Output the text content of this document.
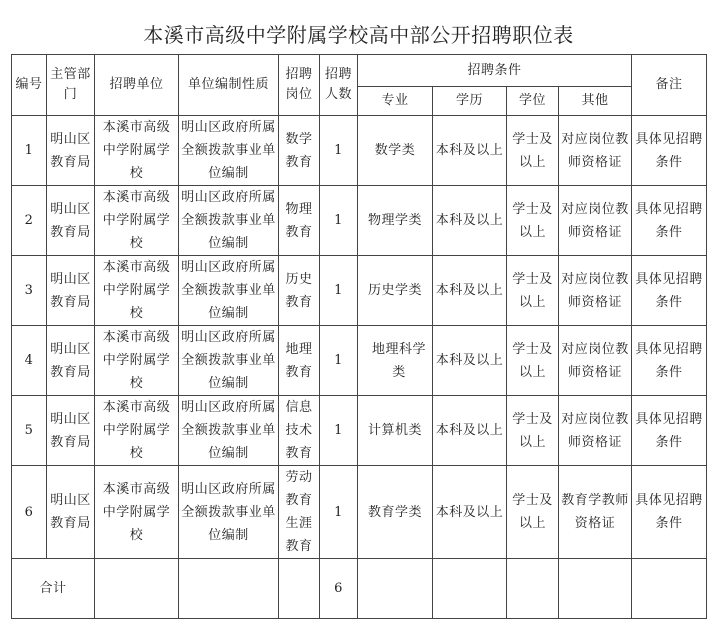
本溪市高级中学附属学校高中部公开招聘职位表
编号	主管部门	招聘单位	单位编制性质	招聘岗位	招聘人数	招聘条件				备注
						专业	学历	学位	其他	
1	明山区教育局	本溪市高级中学附属学校	明山区政府所属全额拨款事业单位编制	数学教育	1	数学类	本科及以上	学士及以上	对应岗位教师资格证	具体见招聘条件
2	明山区教育局	本溪市高级中学附属学校	明山区政府所属全额拨款事业单位编制	物理教育	1	物理学类	本科及以上	学士及以上	对应岗位教师资格证	具体见招聘条件
3	明山区教育局	本溪市高级中学附属学校	明山区政府所属全额拨款事业单位编制	历史教育	1	历史学类	本科及以上	学士及以上	对应岗位教师资格证	具体见招聘条件
4	明山区教育局	本溪市高级中学附属学校	明山区政府所属全额拨款事业单位编制	地理教育	1	地理科学类	本科及以上	学士及以上	对应岗位教师资格证	具体见招聘条件
5	明山区教育局	本溪市高级中学附属学校	明山区政府所属全额拨款事业单位编制	信息技术教育	1	计算机类	本科及以上	学士及以上	对应岗位教师资格证	具体见招聘条件
6	明山区教育局	本溪市高级中学附属学校	明山区政府所属全额拨款事业单位编制	劳动教育生涯教育	1	教育学类	本科及以上	学士及以上	教育学教师资格证	具体见招聘条件
合计					6					
